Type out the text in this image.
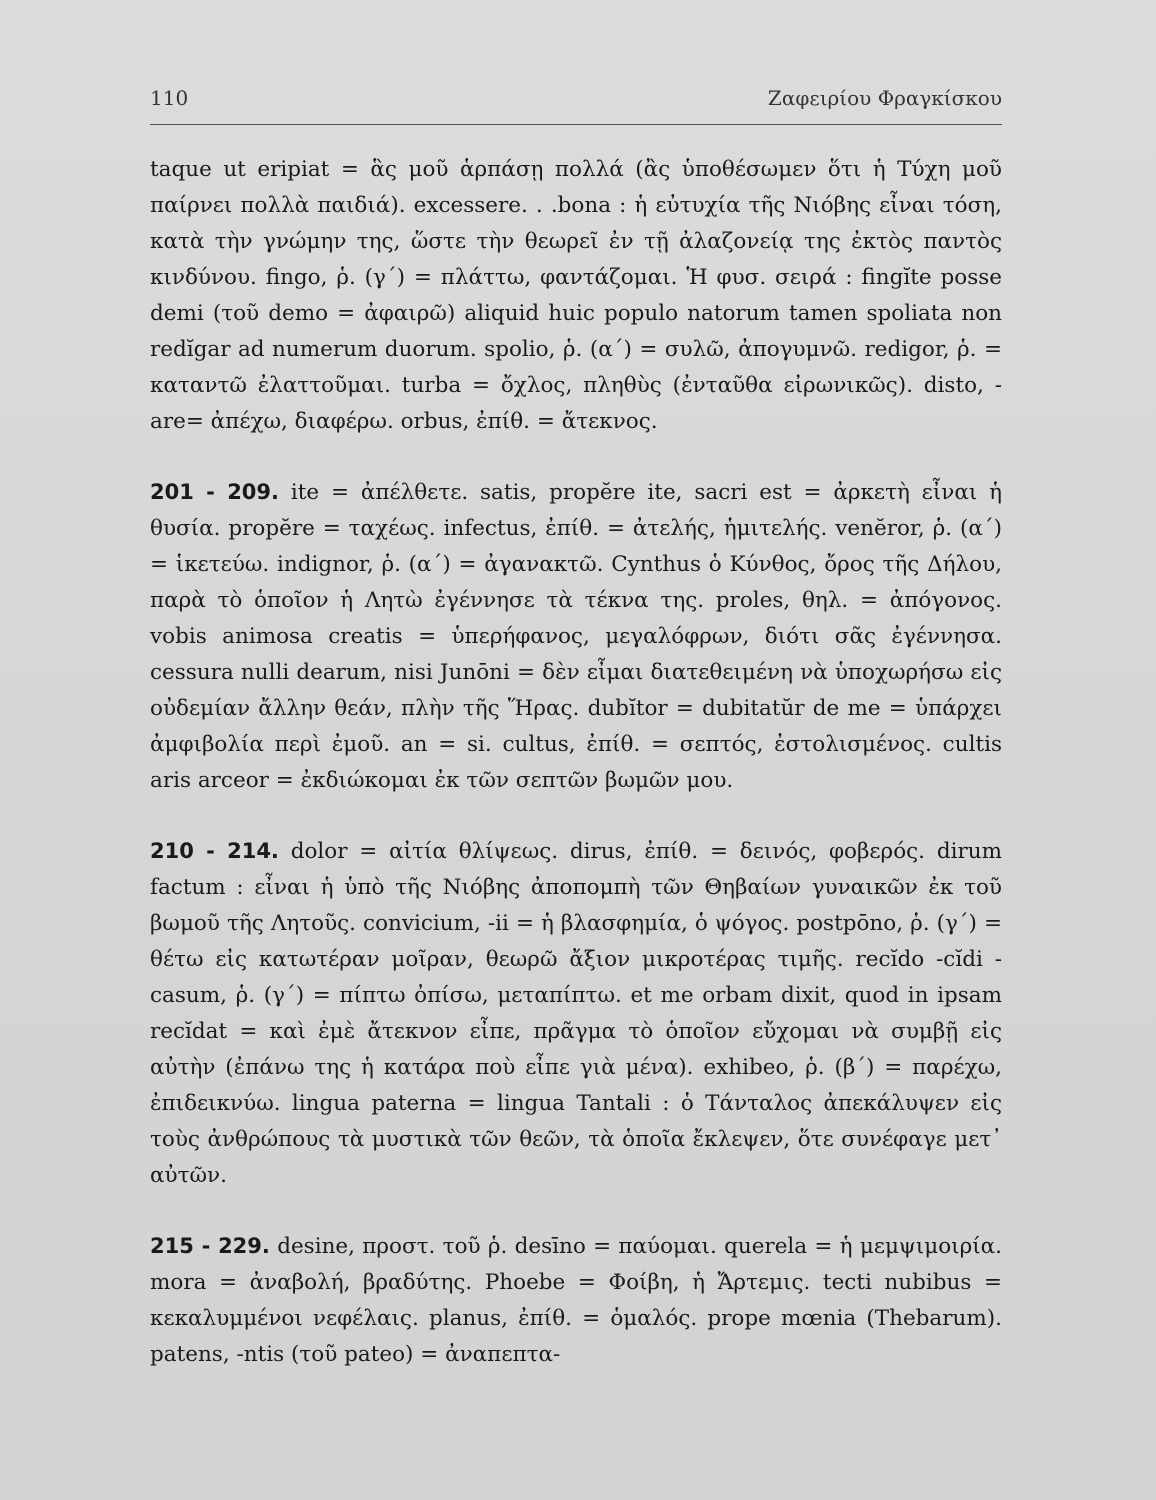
110	Ζαφειρίου Φραγκίσκου

taque ut eripiat = ἃς μοῦ ἁρπάσῃ πολλά (ἂς ὑποθέσωμεν ὅτι ἡ Τύχη μοῦ παίρνει πολλὰ παιδιά). excessere. . .bona : ἡ εὐτυχία τῆς Νιόβης εἶναι τόση, κατὰ τὴν γνώμην της, ὥστε τὴν θεωρεῖ ἐν τῇ ἀλαζονείᾳ της ἐκτὸς παντὸς κινδύνου. fingo, ῥ. (γ΄) = πλάττω, φαντάζομαι. Ἡ φυσ. σειρά : fingĭte posse demi (τοῦ demo = ἀφαιρῶ) aliquid huic populo natorum tamen spoliata non redĭgar ad numerum duorum. spolio, ῥ. (α΄) = συλῶ, ἀπογυμνῶ. redigor, ῥ. = καταντῶ ἐλαττοῦμαι. turba = ὄχλος, πληθὺς (ἐνταῦθα εἰρωνικῶς). disto, -are= ἀπέχω, διαφέρω. orbus, ἐπίθ. = ἄτεκνος.

201 - 209. ite = ἀπέλθετε. satis, propĕre ite, sacri est = ἀρκετὴ εἶναι ἡ θυσία. propĕre = ταχέως. infectus, ἐπίθ. = ἀτελής, ἡμιτελής. venĕror, ῥ. (α΄) = ἱκετεύω. indignor, ῥ. (α΄) = ἀγανακτῶ. Cynthus ὁ Κύνθος, ὄρος τῆς Δήλου, παρὰ τὸ ὁποῖον ἡ Λητὼ ἐγέννησε τὰ τέκνα της. proles, θηλ. = ἀπόγονος. vobis animosa creatis = ὑπερήφανος, μεγαλόφρων, διότι σᾶς ἐγέννησα. cessura nulli dearum, nisi Junōni = δὲν εἶμαι διατεθειμένη νὰ ὑποχωρήσω εἰς οὐδεμίαν ἄλλην θεάν, πλὴν τῆς Ἥρας. dubĭtor = dubitatŭr de me = ὑπάρχει ἀμφιβολία περὶ ἐμοῦ. an = si. cultus, ἐπίθ. = σεπτός, ἐστολισμένος. cultis aris arceor = ἐκδιώκομαι ἐκ τῶν σεπτῶν βωμῶν μου.

210 - 214. dolor = αἰτία θλίψεως. dirus, ἐπίθ. = δεινός, φοβερός. dirum factum : εἶναι ἡ ὑπὸ τῆς Νιόβης ἀποπομπὴ τῶν Θηβαίων γυναικῶν ἐκ τοῦ βωμοῦ τῆς Λητοῦς. convicium, -ii = ἡ βλασφημία, ὁ ψόγος. postpōno, ῥ. (γ΄) = θέτω εἰς κατωτέραν μοῖραν, θεωρῶ ἄξιον μικροτέρας τιμῆς. recĭdo -cĭdi -casum, ῥ. (γ΄) = πίπτω ὀπίσω, μεταπίπτω. et me orbam dixit, quod in ipsam recĭdat = καὶ ἐμὲ ἄτεκνον εἶπε, πρᾶγμα τὸ ὁποῖον εὔχομαι νὰ συμβῇ εἰς αὐτὴν (ἐπάνω της ἡ κατάρα ποὺ εἶπε γιὰ μένα). exhibeo, ῥ. (β΄) = παρέχω, ἐπιδεικνύω. lingua paterna = lingua Tantali : ὁ Τάνταλος ἀπεκάλυψεν εἰς τοὺς ἀνθρώπους τὰ μυστικὰ τῶν θεῶν, τὰ ὁποῖα ἔκλεψεν, ὅτε συνέφαγε μετ᾽ αὐτῶν.

215 - 229. desine, προστ. τοῦ ῥ. desīno = παύομαι. querela = ἡ μεμψιμοιρία. mora = ἀναβολή, βραδύτης. Phoebe = Φοίβη, ἡ Ἄρτεμις. tecti nubibus = κεκαλυμμένοι νεφέλαις. planus, ἐπίθ. = ὁμαλός. prope mœnia (Thebarum). patens, -ntis (τοῦ pateo) = ἀναπεπτα-
